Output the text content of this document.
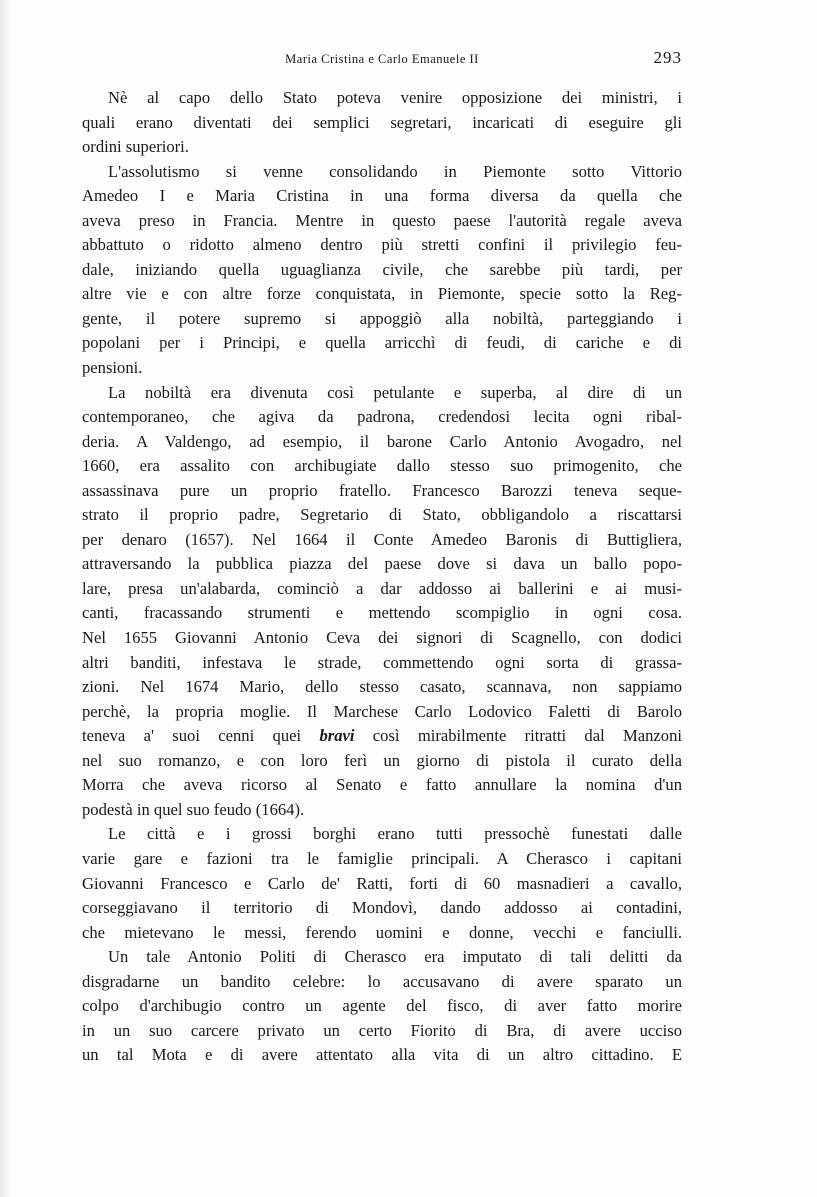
Maria Cristina e Carlo Emanuele II	293
Nè al capo dello Stato poteva venire opposizione dei ministri, i
quali erano diventati dei semplici segretari, incaricati di eseguire gli
ordini superiori.
L'assolutismo si venne consolidando in Piemonte sotto Vittorio
Amedeo I e Maria Cristina in una forma diversa da quella che
aveva preso in Francia. Mentre in questo paese l'autorità regale aveva
abbattuto o ridotto almeno dentro più stretti confini il privilegio feu-
dale, iniziando quella uguaglianza civile, che sarebbe più tardi, per
altre vie e con altre forze conquistata, in Piemonte, specie sotto la Reg-
gente, il potere supremo si appoggiò alla nobiltà, parteggiando i
popolani per i Principi, e quella arricchì di feudi, di cariche e di
pensioni.
La nobiltà era divenuta così petulante e superba, al dire di un
contemporaneo, che agiva da padrona, credendosi lecita ogni ribal-
deria. A Valdengo, ad esempio, il barone Carlo Antonio Avogadro, nel
1660, era assalito con archibugiate dallo stesso suo primogenito, che
assassinava pure un proprio fratello. Francesco Barozzi teneva seque-
strato il proprio padre, Segretario di Stato, obbligandolo a riscattarsi
per denaro (1657). Nel 1664 il Conte Amedeo Baronis di Buttigliera,
attraversando la pubblica piazza del paese dove si dava un ballo popo-
lare, presa un'alabarda, cominciò a dar addosso ai ballerini e ai musi-
canti, fracassando strumenti e mettendo scompiglio in ogni cosa.
Nel 1655 Giovanni Antonio Ceva dei signori di Scagnello, con dodici
altri banditi, infestava le strade, commettendo ogni sorta di grassa-
zioni. Nel 1674 Mario, dello stesso casato, scannava, non sappiamo
perchè, la propria moglie. Il Marchese Carlo Lodovico Faletti di Barolo
teneva a' suoi cenni quei bravi così mirabilmente ritratti dal Manzoni
nel suo romanzo, e con loro ferì un giorno di pistola il curato della
Morra che aveva ricorso al Senato e fatto annullare la nomina d'un
podestà in quel suo feudo (1664).
Le città e i grossi borghi erano tutti pressochè funestati dalle
varie gare e fazioni tra le famiglie principali. A Cherasco i capitani
Giovanni Francesco e Carlo de' Ratti, forti di 60 masnadieri a cavallo,
corseggiavano il territorio di Mondovì, dando addosso ai contadini,
che mietevano le messi, ferendo uomini e donne, vecchi e fanciulli.
Un tale Antonio Politi di Cherasco era imputato di tali delitti da
disgradarne un bandito celebre: lo accusavano di avere sparato un
colpo d'archibugio contro un agente del fisco, di aver fatto morire
in un suo carcere privato un certo Fiorito di Bra, di avere ucciso
un tal Mota e di avere attentato alla vita di un altro cittadino. E
